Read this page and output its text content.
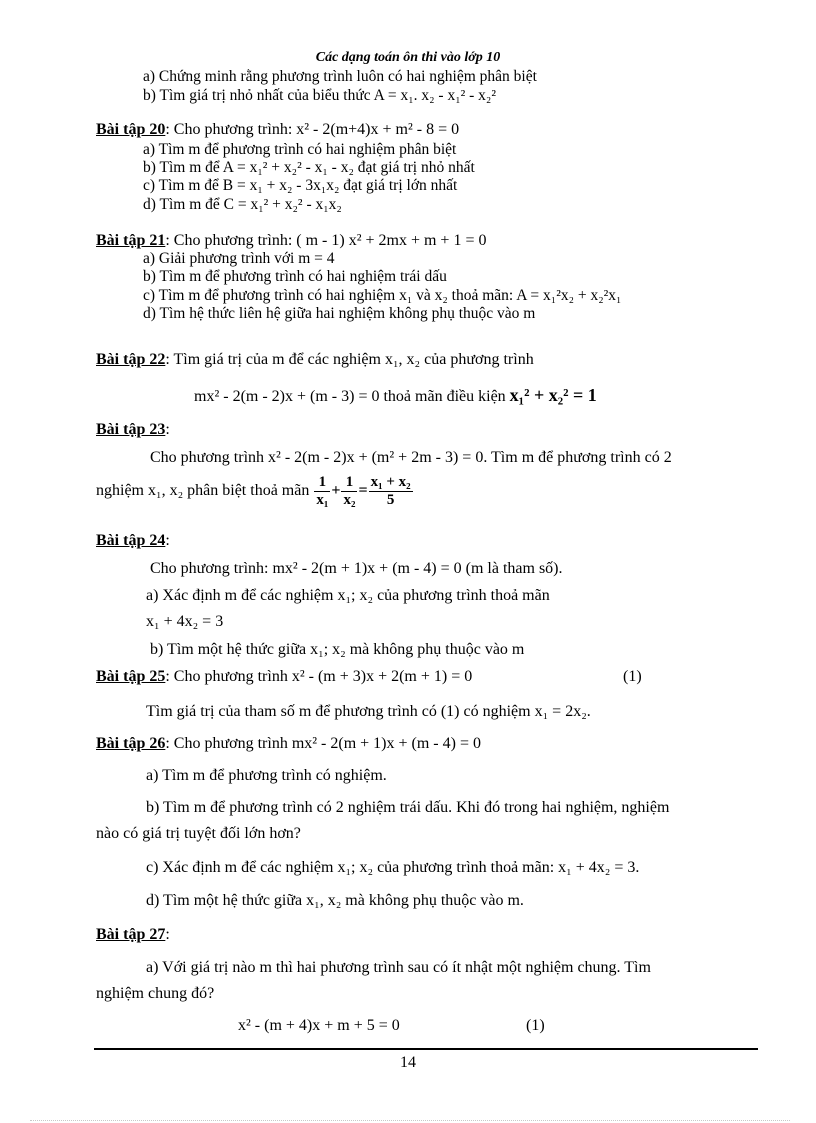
Các dạng toán ôn thi vào lớp 10
a) Chứng minh rằng phương trình luôn có hai nghiệm phân biệt
b) Tìm giá trị nhỏ nhất của biểu thức A = x₁. x₂ - x₁² - x₂²
Bài tập 20: Cho phương trình: x² - 2(m+4)x + m² - 8 = 0
a) Tìm m để phương trình có hai nghiệm phân biệt
b) Tìm m để A = x₁² + x₂² - x₁ - x₂ đạt giá trị nhỏ nhất
c) Tìm m để B = x₁ + x₂ - 3x₁x₂ đạt giá trị lớn nhất
d) Tìm m để C = x₁² + x₂² - x₁x₂
Bài tập 21: Cho phương trình: ( m - 1) x² + 2mx + m + 1 = 0
a) Giải phương trình với m = 4
b) Tìm m để phương trình có hai nghiệm trái dấu
c) Tìm m để phương trình có hai nghiệm x₁ và x₂ thoả mãn: A = x₁²x₂ + x₂²x₁
d) Tìm hệ thức liên hệ giữa hai nghiệm không phụ thuộc vào m
Bài tập 22: Tìm giá trị của m để các nghiệm x₁, x₂ của phương trình
mx² - 2(m - 2)x + (m - 3) = 0 thoả mãn điều kiện x₁² + x₂² = 1
Bài tập 23:
Cho phương trình x² - 2(m - 2)x + (m² + 2m - 3) = 0. Tìm m để phương trình có 2
nghiệm x₁, x₂ phân biệt thoả mãn $\frac{1}{\text{x₁}} + \frac{1}{\text{x₂}} = \frac{\text{x₁ + x₂}}{5}$
Bài tập 24:
Cho phương trình: mx² - 2(m + 1)x + (m - 4) = 0 (m là tham số).
a) Xác định m để các nghiệm x₁; x₂ của phương trình thoả mãn
x₁ + 4x₂ = 3
b) Tìm một hệ thức giữa x₁; x₂ mà không phụ thuộc vào m
Bài tập 25: Cho phương trình x² - (m + 3)x + 2(m + 1) = 0	(1)
Tìm giá trị của tham số m để phương trình có (1) có nghiệm x₁ = 2x₂.
Bài tập 26: Cho phương trình mx² - 2(m + 1)x + (m - 4) = 0
a) Tìm m để phương trình có nghiệm.
b) Tìm m để phương trình có 2 nghiệm trái dấu. Khi đó trong hai nghiệm, nghiệm
nào có giá trị tuyệt đối lớn hơn?
c) Xác định m để các nghiệm x₁; x₂ của phương trình thoả mãn: x₁ + 4x₂ = 3.
d) Tìm một hệ thức giữa x₁, x₂ mà không phụ thuộc vào m.
Bài tập 27:
a) Với giá trị nào m thì hai phương trình sau có ít nhật một nghiệm chung. Tìm
nghiệm chung đó?
x² - (m + 4)x + m + 5 = 0	(1)
14
